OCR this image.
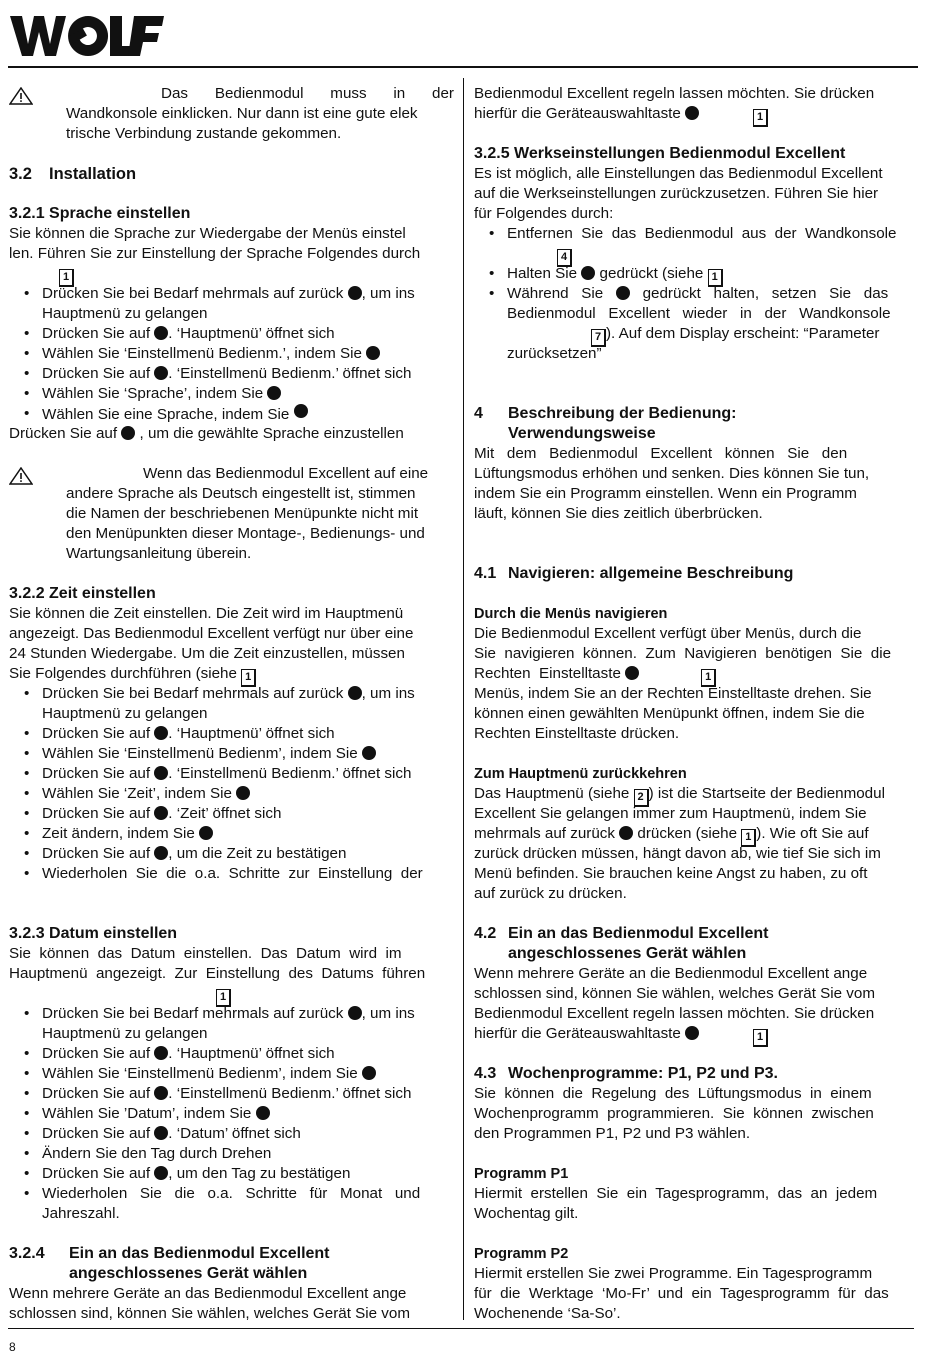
Das Bedienmodul muss in der
Wandkonsole einklicken. Nur dann ist eine gute elek
trische Verbindung zustande gekommen.
3.2 Installation
3.2.1 Sprache einstellen
Sie können die Sprache zur Wiedergabe der Menüs einstel
len. Führen Sie zur Einstellung der Sprache Folgendes durch
1
• Drücken Sie bei Bedarf mehrmals auf zurück , um ins
Hauptmenü zu gelangen
• Drücken Sie auf . ‘Hauptmenü’ öffnet sich
• Wählen Sie ‘Einstellmenü Bedienm.’, indem Sie
• Drücken Sie auf . ‘Einstellmenü Bedienm.’ öffnet sich
• Wählen Sie ‘Sprache’, indem Sie
• Wählen Sie eine Sprache, indem Sie
Drücken Sie auf , um die gewählte Sprache einzustellen
Wenn das Bedienmodul Excellent auf eine
andere Sprache als Deutsch eingestellt ist, stimmen
die Namen der beschriebenen Menüpunkte nicht mit
den Menüpunkten dieser Montage-, Bedienungs- und
Wartungsanleitung überein.
3.2.2 Zeit einstellen
Sie können die Zeit einstellen. Die Zeit wird im Hauptmenü
angezeigt. Das Bedienmodul Excellent verfügt nur über eine
24 Stunden Wiedergabe. Um die Zeit einzustellen, müssen
Sie Folgendes durchführen (siehe 1
• Drücken Sie bei Bedarf mehrmals auf zurück , um ins
Hauptmenü zu gelangen
• Drücken Sie auf . ‘Hauptmenü’ öffnet sich
• Wählen Sie ‘Einstellmenü Bedienm’, indem Sie
• Drücken Sie auf . ‘Einstellmenü Bedienm.’ öffnet sich
• Wählen Sie ‘Zeit’, indem Sie
• Drücken Sie auf . ‘Zeit’ öffnet sich
• Zeit ändern, indem Sie
• Drücken Sie auf , um die Zeit zu bestätigen
• Wiederholen  Sie  die  o.a.  Schritte  zur  Einstellung  der
3.2.3 Datum einstellen
Sie  können  das  Datum  einstellen.  Das  Datum  wird  im
Hauptmenü  angezeigt.  Zur  Einstellung  des  Datums  führen
1
• Drücken Sie bei Bedarf mehrmals auf zurück , um ins
Hauptmenü zu gelangen
• Drücken Sie auf . ‘Hauptmenü’ öffnet sich
• Wählen Sie ‘Einstellmenü Bedienm’, indem Sie
• Drücken Sie auf . ‘Einstellmenü Bedienm.’ öffnet sich
• Wählen Sie ’Datum’, indem Sie
• Drücken Sie auf . ‘Datum’ öffnet sich
• Ändern Sie den Tag durch Drehen
• Drücken Sie auf , um den Tag zu bestätigen
• Wiederholen   Sie   die   o.a.   Schritte   für   Monat   und
Jahreszahl.
3.2.4 Ein an das Bedienmodul Excellent
angeschlossenes Gerät wählen
Wenn mehrere Geräte an das Bedienmodul Excellent ange
schlossen sind, können Sie wählen, welches Gerät Sie vom
Bedienmodul Excellent regeln lassen möchten. Sie drücken
hierfür die Geräteauswahltaste	1
3.2.5 Werkseinstellungen Bedienmodul Excellent
Es ist möglich, alle Einstellungen das Bedienmodul Excellent
auf die Werkseinstellungen zurückzusetzen. Führen Sie hier
für Folgendes durch:
• Entfernen  Sie  das  Bedienmodul  aus  der  Wandkonsole
4
• Halten Sie gedrückt (siehe 1
• Während   Sie	gedrückt   halten,   setzen   Sie   das
Bedienmodul   Excellent   wieder   in   der   Wandkonsole
7 ). Auf dem Display erscheint: “Parameter
zurücksetzen”
4 Beschreibung der Bedienung:
Verwendungsweise
Mit   dem   Bedienmodul   Excellent   können   Sie   den
Lüftungsmodus erhöhen und senken. Dies können Sie tun,
indem Sie ein Programm einstellen. Wenn ein Programm
läuft, können Sie dies zeitlich überbrücken.
4.1 Navigieren: allgemeine Beschreibung
Durch die Menüs navigieren
Die Bedienmodul Excellent verfügt über Menüs, durch die
Sie  navigieren  können.  Zum  Navigieren  benötigen  Sie  die
Rechten  Einstelltaste	1
Menüs, indem Sie an der Rechten Einstelltaste drehen. Sie
können einen gewählten Menüpunkt öffnen, indem Sie die
Rechten Einstelltaste drücken.
Zum Hauptmenü zurückkehren
Das Hauptmenü (siehe 2 ) ist die Startseite der Bedienmodul
Excellent Sie gelangen immer zum Hauptmenü, indem Sie
mehrmals auf zurück drücken (siehe 1 ). Wie oft Sie auf
zurück drücken müssen, hängt davon ab, wie tief Sie sich im
Menü befinden. Sie brauchen keine Angst zu haben, zu oft
auf zurück zu drücken.
4.2 Ein an das Bedienmodul Excellent
angeschlossenes Gerät wählen
Wenn mehrere Geräte an die Bedienmodul Excellent ange
schlossen sind, können Sie wählen, welches Gerät Sie vom
Bedienmodul Excellent regeln lassen möchten. Sie drücken
hierfür die Geräteauswahltaste	1
4.3 Wochenprogramme: P1, P2 und P3.
Sie  können  die  Regelung  des  Lüftungsmodus  in  einem
Wochenprogramm  programmieren.  Sie  können  zwischen
den Programmen P1, P2 und P3 wählen.
Programm P1
Hiermit  erstellen  Sie  ein  Tagesprogramm,  das  an  jedem
Wochentag gilt.
Programm P2
Hiermit erstellen Sie zwei Programme. Ein Tagesprogramm
für  die  Werktage  ‘Mo-Fr’  und  ein  Tagesprogramm  für  das
Wochenende ‘Sa-So’.
8
